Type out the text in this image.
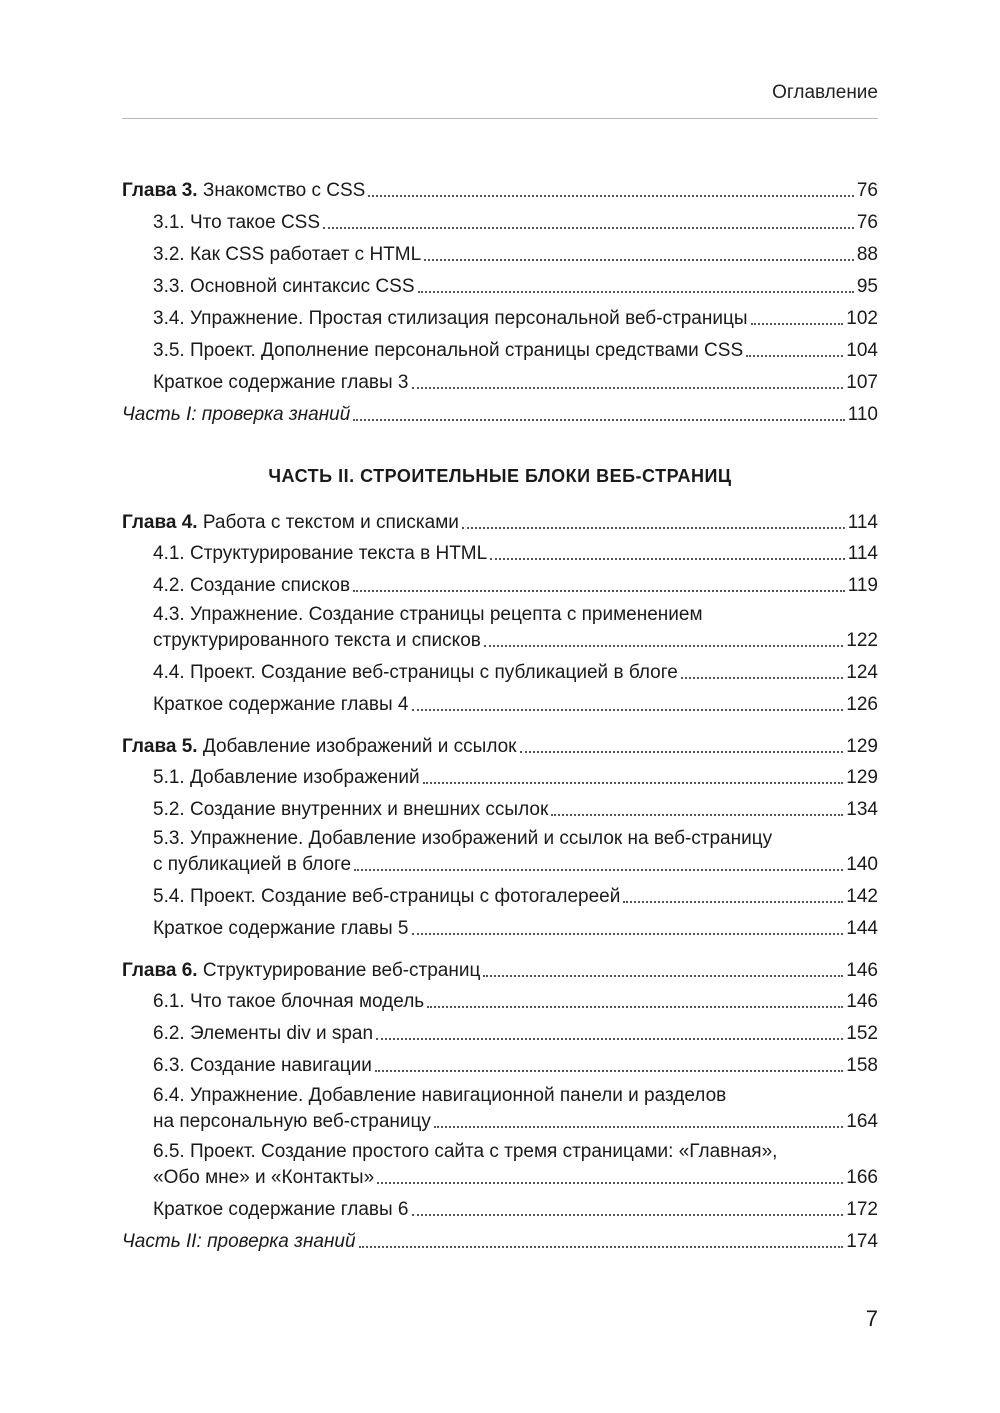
Оглавление
Глава 3. Знакомство с CSS	76
3.1. Что такое CSS	76
3.2. Как CSS работает с HTML	88
3.3. Основной синтаксис CSS	95
3.4. Упражнение. Простая стилизация персональной веб-страницы	102
3.5. Проект. Дополнение персональной страницы средствами CSS	104
Краткое содержание главы 3	107
Часть I: проверка знаний	110
ЧАСТЬ II. СТРОИТЕЛЬНЫЕ БЛОКИ ВЕБ-СТРАНИЦ
Глава 4. Работа с текстом и списками	114
4.1. Структурирование текста в HTML	114
4.2. Создание списков	119
4.3. Упражнение. Создание страницы рецепта с применением
структурированного текста и списков	122
4.4. Проект. Создание веб-страницы с публикацией в блоге	124
Краткое содержание главы 4	126
Глава 5. Добавление изображений и ссылок	129
5.1. Добавление изображений	129
5.2. Создание внутренних и внешних ссылок	134
5.3. Упражнение. Добавление изображений и ссылок на веб-страницу
с публикацией в блоге	140
5.4. Проект. Создание веб-страницы с фотогалереей	142
Краткое содержание главы 5	144
Глава 6. Структурирование веб-страниц	146
6.1. Что такое блочная модель	146
6.2. Элементы div и span	152
6.3. Создание навигации	158
6.4. Упражнение. Добавление навигационной панели и разделов
на персональную веб-страницу	164
6.5. Проект. Создание простого сайта с тремя страницами: «Главная»,
«Обо мне» и «Контакты»	166
Краткое содержание главы 6	172
Часть II: проверка знаний	174
7
